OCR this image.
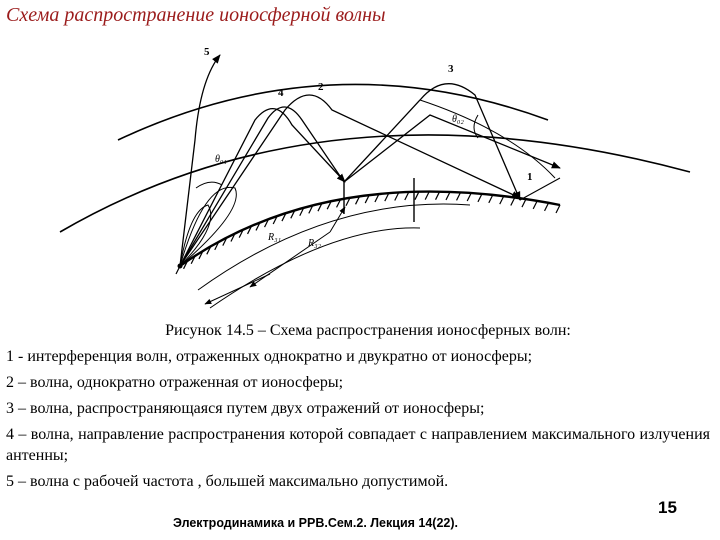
Схема распространение ионосферной волны
5
4	2
3
1
θ₀₁
θ₀₂
R₃₁
R₃₂
Рисунок 14.5 – Схема распространения ионосферных волн:
1 - интерференция волн, отраженных однократно и двукратно от ионосферы;
2 – волна, однократно отраженная от ионосферы;
3 – волна, распространяющаяся путем двух отражений от ионосферы;
4 – волна, направление распространения которой совпадает с направлением максимального излучения антенны;
5 – волна с рабочей частота , большей максимально допустимой.
Электродинамика и РРВ.Сем.2. Лекция 14(22).
15
